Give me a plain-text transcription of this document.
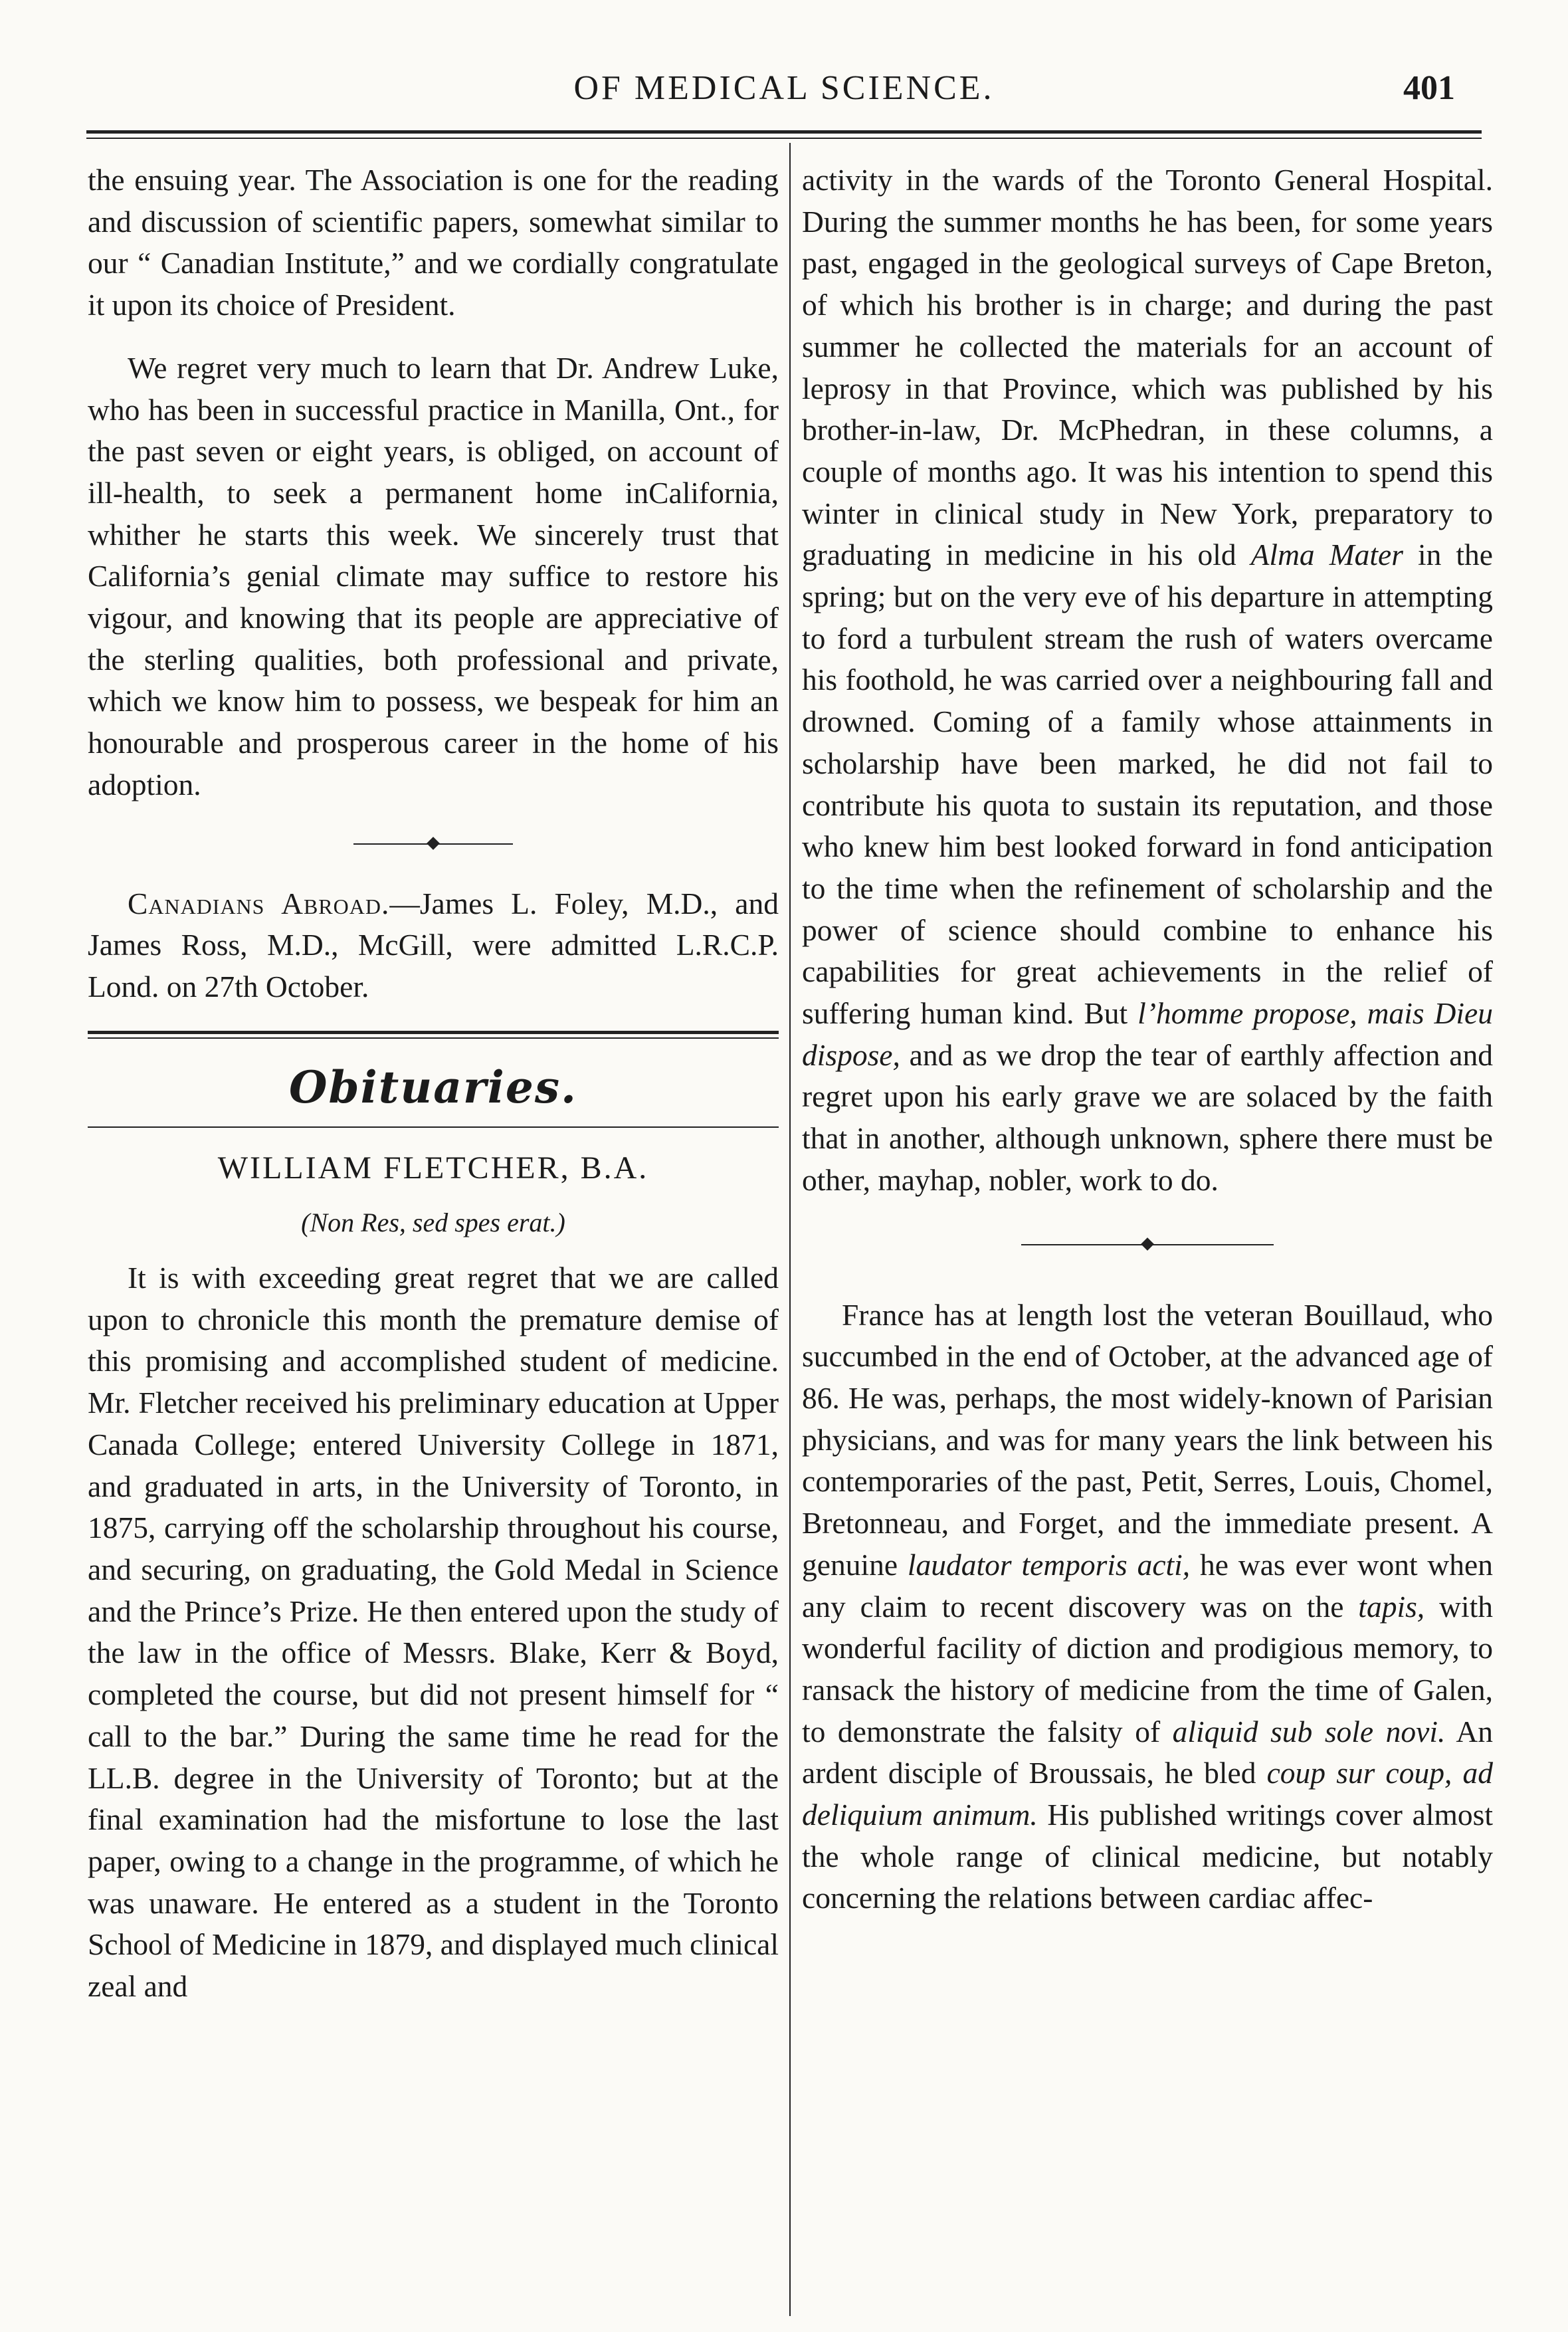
OF MEDICAL SCIENCE.	401

the ensuing year. The Association is one for the reading and discussion of scientific papers, somewhat similar to our “ Canadian Institute,” and we cordially congratulate it upon its choice of President.

We regret very much to learn that Dr. Andrew Luke, who has been in successful practice in Manilla, Ont., for the past seven or eight years, is obliged, on account of ill-health, to seek a permanent home inCalifornia, whither he starts this week. We sincerely trust that California’s genial climate may suffice to restore his vigour, and knowing that its people are appreciative of the sterling qualities, both professional and private, which we know him to possess, we bespeak for him an honourable and prosperous career in the home of his adoption.

Canadians Abroad.—James L. Foley, M.D., and James Ross, M.D., McGill, were admitted L.R.C.P. Lond. on 27th October.

Obituaries.
WILLIAM FLETCHER, B.A.
(Non Res, sed spes erat.)

It is with exceeding great regret that we are called upon to chronicle this month the premature demise of this promising and accomplished student of medicine. Mr. Fletcher received his preliminary education at Upper Canada College; entered University College in 1871, and graduated in arts, in the University of Toronto, in 1875, carrying off the scholarship throughout his course, and securing, on graduating, the Gold Medal in Science and the Prince’s Prize. He then entered upon the study of the law in the office of Messrs. Blake, Kerr & Boyd, completed the course, but did not present himself for “ call to the bar.” During the same time he read for the LL.B. degree in the University of Toronto; but at the final examination had the misfortune to lose the last paper, owing to a change in the programme, of which he was unaware. He entered as a student in the Toronto School of Medicine in 1879, and displayed much clinical zeal and

activity in the wards of the Toronto General Hospital. During the summer months he has been, for some years past, engaged in the geological surveys of Cape Breton, of which his brother is in charge; and during the past summer he collected the materials for an account of leprosy in that Province, which was published by his brother-in-law, Dr. McPhedran, in these columns, a couple of months ago. It was his intention to spend this winter in clinical study in New York, preparatory to graduating in medicine in his old Alma Mater in the spring; but on the very eve of his departure in attempting to ford a turbulent stream the rush of waters overcame his foothold, he was carried over a neighbouring fall and drowned. Coming of a family whose attainments in scholarship have been marked, he did not fail to contribute his quota to sustain its reputation, and those who knew him best looked forward in fond anticipation to the time when the refinement of scholarship and the power of science should combine to enhance his capabilities for great achievements in the relief of suffering human kind. But l’homme propose, mais Dieu dispose, and as we drop the tear of earthly affection and regret upon his early grave we are solaced by the faith that in another, although unknown, sphere there must be other, mayhap, nobler, work to do.

France has at length lost the veteran Bouillaud, who succumbed in the end of October, at the advanced age of 86. He was, perhaps, the most widely-known of Parisian physicians, and was for many years the link between his contemporaries of the past, Petit, Serres, Louis, Chomel, Bretonneau, and Forget, and the immediate present. A genuine laudator temporis acti, he was ever wont when any claim to recent discovery was on the tapis, with wonderful facility of diction and prodigious memory, to ransack the history of medicine from the time of Galen, to demonstrate the falsity of aliquid sub sole novi. An ardent disciple of Broussais, he bled coup sur coup, ad deliquium animum. His published writings cover almost the whole range of clinical medicine, but notably concerning the relations between cardiac affec-
